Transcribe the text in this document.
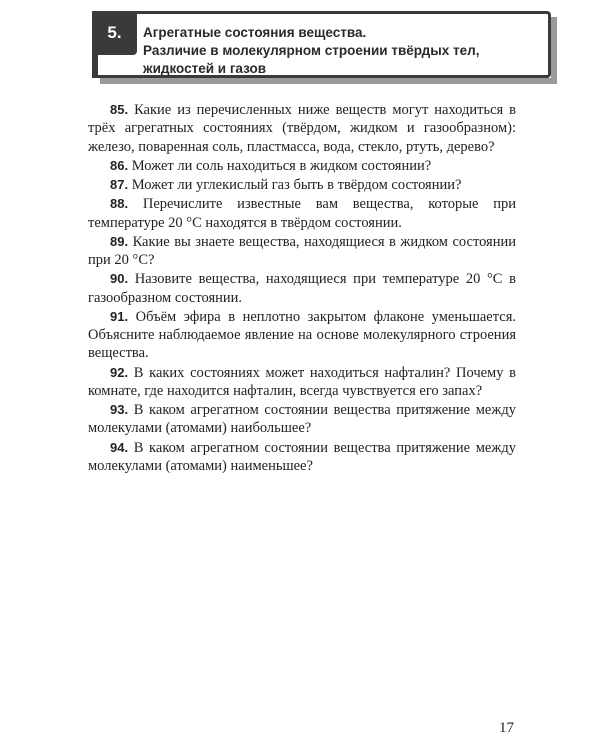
5.	Агрегатные состояния вещества.
Различие в молекулярном строении твёрдых тел,
жидкостей и газов

85. Какие из перечисленных ниже веществ могут находиться в трёх агрегатных состояниях (твёрдом, жидком и газообразном): железо, поваренная соль, пластмасса, вода, стекло, ртуть, дерево?

86. Может ли соль находиться в жидком состоянии?

87. Может ли углекислый газ быть в твёрдом состоянии?

88. Перечислите известные вам вещества, которые при температуре 20 °С находятся в твёрдом состоянии.

89. Какие вы знаете вещества, находящиеся в жидком состоянии при 20 °С?

90. Назовите вещества, находящиеся при температуре 20 °С в газообразном состоянии.

91. Объём эфира в неплотно закрытом флаконе уменьшается. Объясните наблюдаемое явление на основе молекулярного строения вещества.

92. В каких состояниях может находиться нафталин? Почему в комнате, где находится нафталин, всегда чувствуется его запах?

93. В каком агрегатном состоянии вещества притяжение между молекулами (атомами) наибольшее?

94. В каком агрегатном состоянии вещества притяжение между молекулами (атомами) наименьшее?

17
